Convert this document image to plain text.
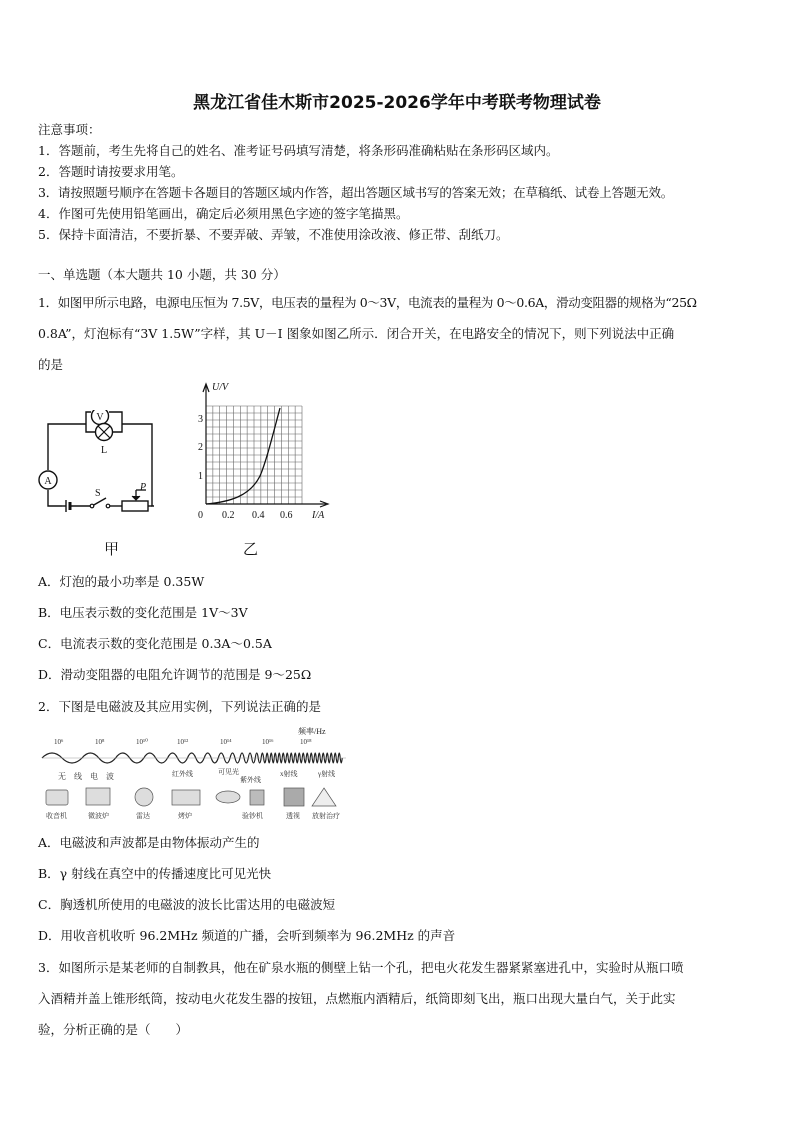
黑龙江省佳木斯市2025-2026学年中考联考物理试卷
注意事项：
1．答题前，考生先将自己的姓名、准考证号码填写清楚，将条形码准确粘贴在条形码区域内。
2．答题时请按要求用笔。
3．请按照题号顺序在答题卡各题目的答题区域内作答，超出答题区域书写的答案无效；在草稿纸、试卷上答题无效。
4．作图可先使用铅笔画出，确定后必须用黑色字迹的签字笔描黑。
5．保持卡面清洁，不要折暴、不要弄破、弄皱，不准使用涂改液、修正带、刮纸刀。
一、单选题（本大题共 10 小题，共 30 分）
1．如图甲所示电路，电源电压恒为 7.5V，电压表的量程为 0～3V，电流表的量程为 0～0.6A，滑动变阻器的规格为“25Ω
0.8A”，灯泡标有“3V 1.5W”字样，其 U－I 图象如图乙所示．闭合开关，在电路安全的情况下，则下列说法中正确
的是
V
L
A
S
P
U/V
I/A
1
2
3
0 0.2 0.4 0.6
甲	乙
A．灯泡的最小功率是 0.35W
B．电压表示数的变化范围是 1V～3V
C．电流表示数的变化范围是 0.3A～0.5A
D．滑动变阻器的电阻允许调节的范围是 9～25Ω
2．下图是电磁波及其应用实例，下列说法正确的是
频率/Hz
10⁶	10⁸	10¹⁰	10¹²	10¹⁴	10¹⁶	10¹⁸
无　线　电　波	红外线	可见光
紫外线
x射线	γ射线
收音机	微波炉	雷达	烤炉	验钞机	透视 放射治疗
A．电磁波和声波都是由物体振动产生的
B．γ 射线在真空中的传播速度比可见光快
C．胸透机所使用的电磁波的波长比雷达用的电磁波短
D．用收音机收听 96.2MHz 频道的广播，会听到频率为 96.2MHz 的声音
3．如图所示是某老师的自制教具，他在矿泉水瓶的侧壁上钻一个孔，把电火花发生器紧紧塞进孔中，实验时从瓶口喷
入酒精并盖上锥形纸筒，按动电火花发生器的按钮，点燃瓶内酒精后，纸筒即刻飞出，瓶口出现大量白气，关于此实
验，分析正确的是（　　）
